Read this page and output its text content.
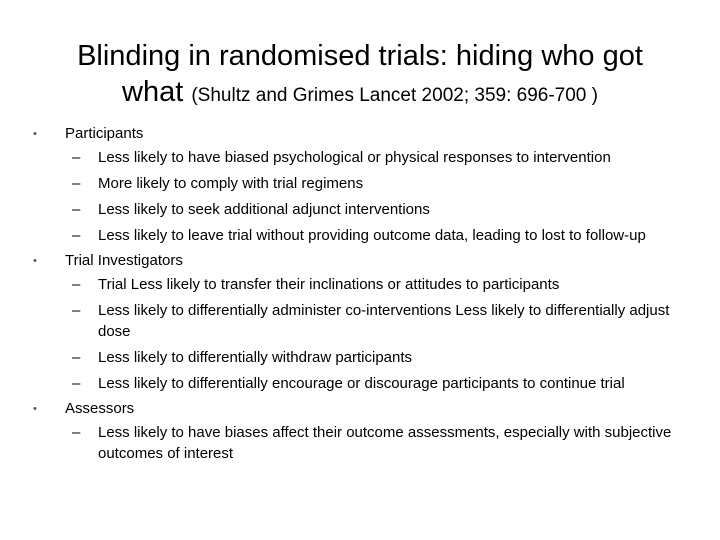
Blinding in randomised trials: hiding who got
what (Shultz and Grimes Lancet 2002; 359: 696-700 )
• Participants
– Less likely to have biased psychological or physical responses to intervention
– More likely to comply with trial regimens
– Less likely to seek additional adjunct interventions
– Less likely to leave trial without providing outcome data, leading to lost to follow-up
• Trial Investigators
– Trial Less likely to transfer their inclinations or attitudes to participants
– Less likely to differentially administer co-interventions Less likely to differentially adjust dose
– Less likely to differentially withdraw participants
– Less likely to differentially encourage or discourage participants to continue trial
• Assessors
– Less likely to have biases affect their outcome assessments, especially with subjective outcomes of interest
